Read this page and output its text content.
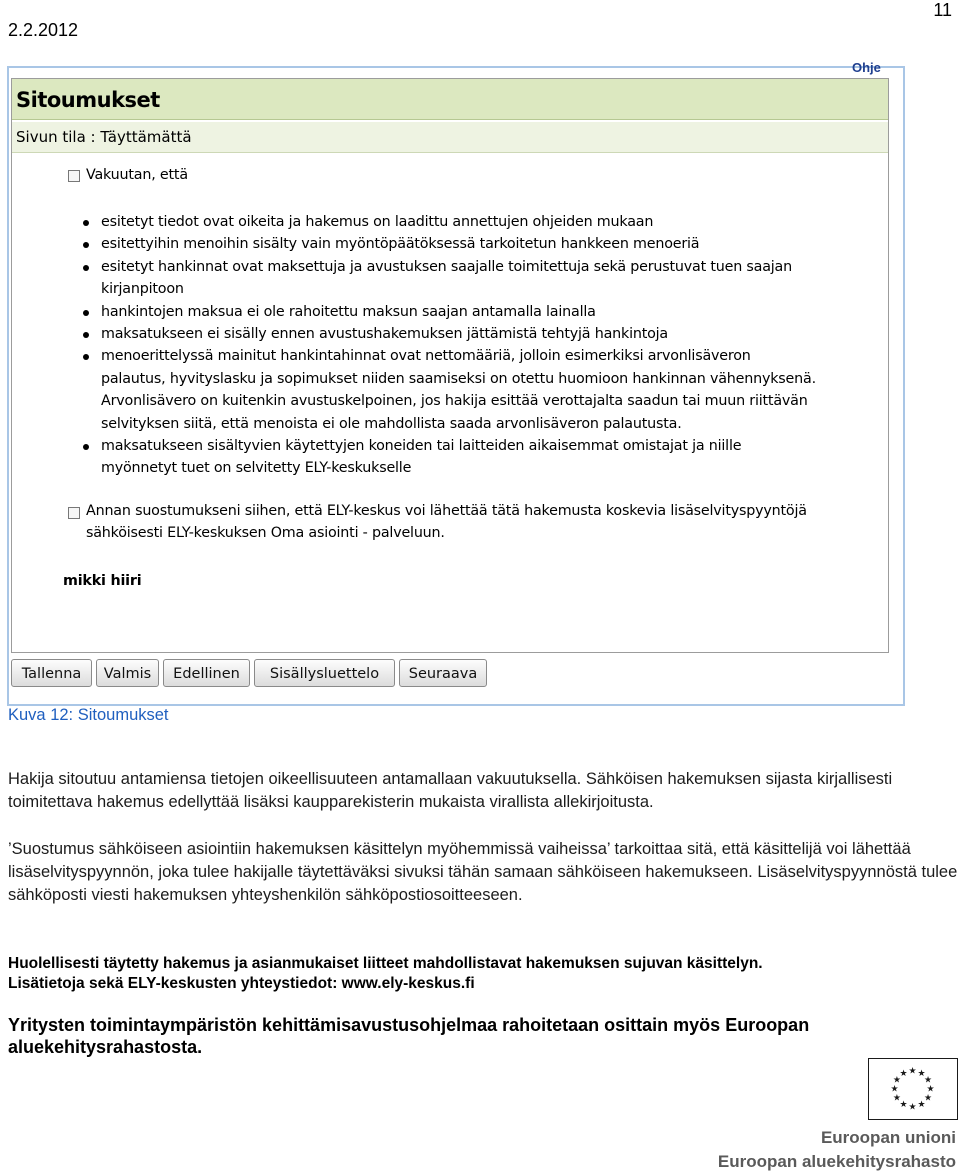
2.2.2012
11
Sitoumukset
Sivun tila : Täyttämättä
Vakuutan, että
esitetyt tiedot ovat oikeita ja hakemus on laadittu annettujen ohjeiden mukaan
esitettyihin menoihin sisälty vain myöntöpäätöksessä tarkoitetun hankkeen menoeriä
esitetyt hankinnat ovat maksettuja ja avustuksen saajalle toimitettuja sekä perustuvat tuen saajan kirjanpitoon
hankintojen maksua ei ole rahoitettu maksun saajan antamalla lainalla
maksatukseen ei sisälly ennen avustushakemuksen jättämistä tehtyjä hankintoja
menoerittelyssä mainitut hankintahinnat ovat nettomääriä, jolloin esimerkiksi arvonlisäveron palautus, hyvityslasku ja sopimukset niiden saamiseksi on otettu huomioon hankinnan vähennyksenä. Arvonlisävero on kuitenkin avustuskelpoinen, jos hakija esittää verottajalta saadun tai muun riittävän selvityksen siitä, että menoista ei ole mahdollista saada arvonlisäveron palautusta.
maksatukseen sisältyvien käytettyjen koneiden tai laitteiden aikaisemmat omistajat ja niille myönnetyt tuet on selvitetty ELY-keskukselle
Annan suostumukseni siihen, että ELY-keskus voi lähettää tätä hakemusta koskevia lisäselvityspyyntöjä sähköisesti ELY-keskuksen Oma asiointi - palveluun.
mikki hiiri
Ohje
Tallenna	Valmis	Edellinen	Sisällysluettelo	Seuraava
Kuva 12: Sitoumukset
Hakija sitoutuu antamiensa tietojen oikeellisuuteen antamallaan vakuutuksella. Sähköisen hakemuksen sijasta kirjallisesti toimitettava hakemus edellyttää lisäksi kaupparekisterin mukaista virallista allekirjoitusta.
’Suostumus sähköiseen asiointiin hakemuksen käsittelyn myöhemmissä vaiheissa’ tarkoittaa sitä, että käsittelijä voi lähettää lisäselvityspyynnön, joka tulee hakijalle täytettäväksi sivuksi tähän samaan sähköiseen hakemukseen. Lisäselvityspyynnöstä tulee sähköposti viesti hakemuksen yhteyshenkilön sähköpostiosoitteeseen.
Huolellisesti täytetty hakemus ja asianmukaiset liitteet mahdollistavat hakemuksen sujuvan käsittelyn.
Lisätietoja sekä ELY-keskusten yhteystiedot: www.ely-keskus.fi
Yritysten toimintaympäristön kehittämisavustusohjelmaa rahoitetaan osittain myös Euroopan aluekehitysrahastosta.
★ ★
★
★
★
★
★
★
★
★
★
★
Euroopan unioni
Euroopan aluekehitysrahasto
